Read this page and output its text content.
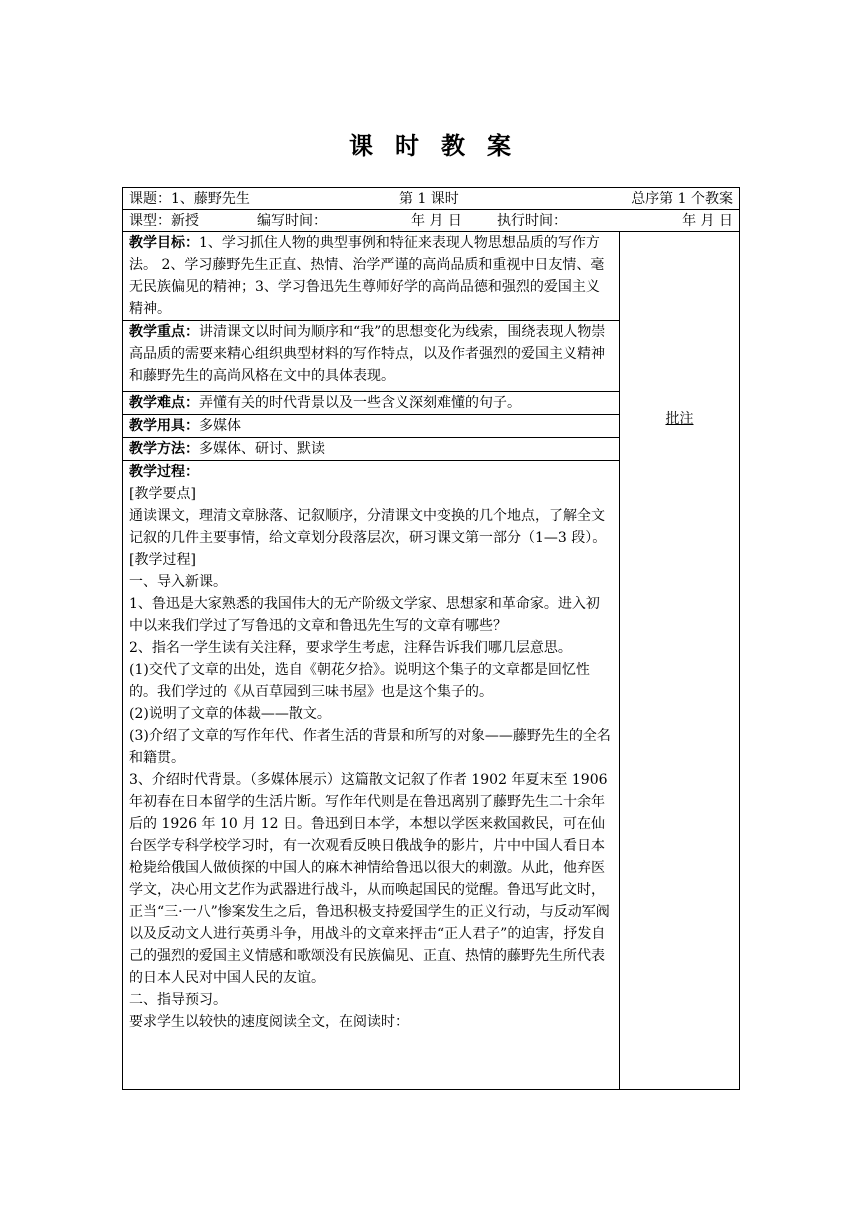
课时教案
课题：1、藤野先生	第 1 课时	总序第 1 个教案

课型：新授	编写时间：	年 月 日	执行时间：	年 月 日

教学目标：1、学习抓住人物的典型事例和特征来表现人物思想品质的写作方法。 2、学习藤野先生正直、热情、治学严谨的高尚品质和重视中日友情、毫无民族偏见的精神；3、学习鲁迅先生尊师好学的高尚品德和强烈的爱国主义精神。	批注
教学重点：讲清课文以时间为顺序和“我”的思想变化为线索，围绕表现人物崇高品质的需要来精心组织典型材料的写作特点，以及作者强烈的爱国主义精神和藤野先生的高尚风格在文中的具体表现。
教学难点：弄懂有关的时代背景以及一些含义深刻难懂的句子。
教学用具：多媒体
教学方法：多媒体、研讨、默读

教学过程：

[教学要点]

通读课文，理清文章脉落、记叙顺序，分清课文中变换的几个地点，了解全文记叙的几件主要事情，给文章划分段落层次，研习课文第一部分（1—3 段）。

[教学过程]

一、导入新课。

1、鲁迅是大家熟悉的我国伟大的无产阶级文学家、思想家和革命家。进入初中以来我们学过了写鲁迅的文章和鲁迅先生写的文章有哪些？

2、指名一学生读有关注释，要求学生考虑，注释告诉我们哪几层意思。

(1)交代了文章的出处，选自《朝花夕拾》。说明这个集子的文章都是回忆性的。我们学过的《从百草园到三味书屋》也是这个集子的。

(2)说明了文章的体裁——散文。

(3)介绍了文章的写作年代、作者生活的背景和所写的对象——藤野先生的全名和籍贯。

3、介绍时代背景。（多媒体展示）这篇散文记叙了作者 1902 年夏末至 1906 年初春在日本留学的生活片断。写作年代则是在鲁迅离别了藤野先生二十余年后的 1926 年 10 月 12 日。鲁迅到日本学，本想以学医来救国救民，可在仙台医学专科学校学习时，有一次观看反映日俄战争的影片，片中中国人看日本枪毙给俄国人做侦探的中国人的麻木神情给鲁迅以很大的刺激。从此，他弃医学文，决心用文艺作为武器进行战斗，从而唤起国民的觉醒。鲁迅写此文时，正当“三·一八”惨案发生之后，鲁迅积极支持爱国学生的正义行动，与反动军阀以及反动文人进行英勇斗争，用战斗的文章来抨击“正人君子”的迫害，抒发自己的强烈的爱国主义情感和歌颂没有民族偏见、正直、热情的藤野先生所代表的日本人民对中国人民的友谊。

二、指导预习。

要求学生以较快的速度阅读全文，在阅读时：
